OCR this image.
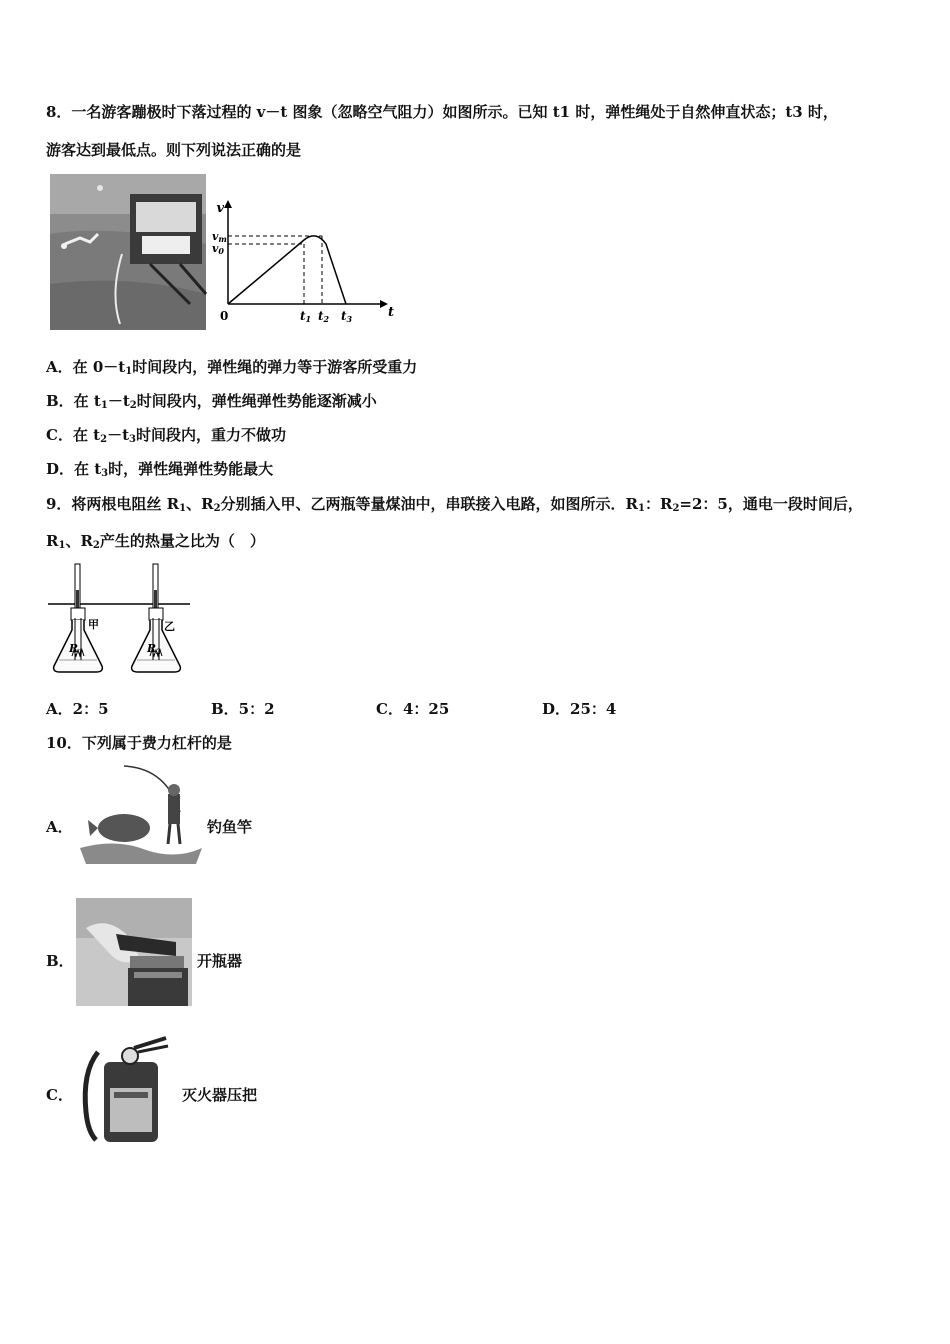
8．一名游客蹦极时下落过程的 v－t 图象（忽略空气阻力）如图所示。已知 t1 时，弹性绳处于自然伸直状态；t3 时，
游客达到最低点。则下列说法正确的是
v
t
0
vm
v0
t1 t2 t3
A．在 $0-t_1$时间段内，弹性绳的弹力等于游客所受重力
B．在 $t_1-t_2$时间段内，弹性绳弹性势能逐渐减小
C．在 $t_2-t_3$时间段内，重力不做功
D．在 $t_3$时，弹性绳弹性势能最大
9．将两根电阻丝 $R_1$、$R_2$分别插入甲、乙两瓶等量煤油中，串联接入电路，如图所示．$R_1$：$R_2=2$：5，通电一段时间后，
$R_1$、$R_2$产生的热量之比为（　）
甲
R1
乙
R2
A．2：5	B．5：2	C．4：25	D．25：4
10．下列属于费力杠杆的是
A．	钓鱼竿
B．	开瓶器
C．	灭火器压把
